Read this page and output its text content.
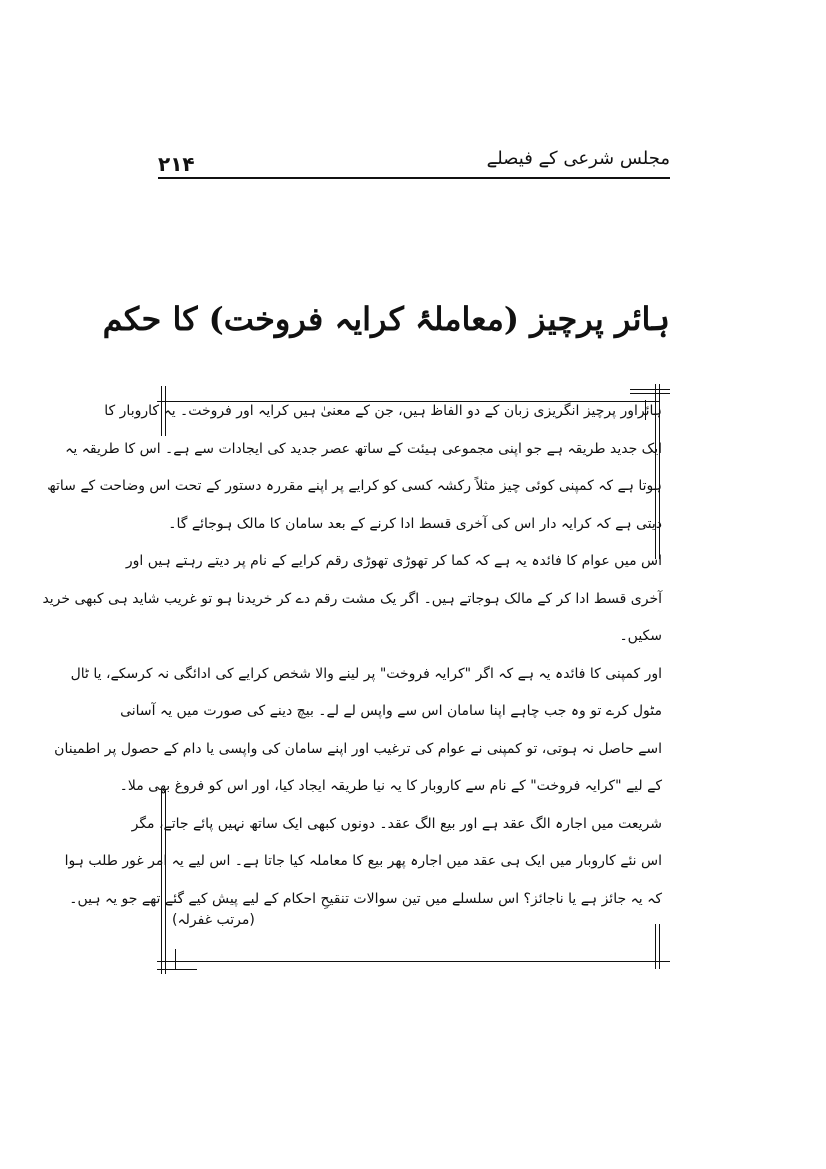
۲۱۴	مجلس شرعی کے فیصلے
ہائر پرچیز (معاملۂ کرایہ فروخت) کا حکم
ہائراور پرچیز انگریزی زبان کے دو الفاظ ہیں، جن کے معنیٰ ہیں کرایہ اور فروخت۔ یہ کاروبار کا
ایک جدید طریقہ ہے جو اپنی مجموعی ہیئت کے ساتھ عصر جدید کی ایجادات سے ہے۔ اس کا طریقہ یہ
ہوتا ہے کہ کمپنی کوئی چیز مثلاً رکشہ کسی کو کرایے پر اپنے مقررہ دستور کے تحت اس وضاحت کے ساتھ
دیتی ہے کہ کرایہ دار اس کی آخری قسط ادا کرنے کے بعد سامان کا مالک ہوجائے گا۔
اس میں عوام کا فائدہ یہ ہے کہ کما کر تھوڑی تھوڑی رقم کرایے کے نام پر دیتے رہتے ہیں اور
آخری قسط ادا کر کے مالک ہوجاتے ہیں۔ اگر یک مشت رقم دے کر خریدنا ہو تو غریب شاید ہی کبھی خرید
سکیں۔
اور کمپنی کا فائدہ یہ ہے کہ اگر "کرایہ فروخت" پر لینے والا شخص کرایے کی ادائگی نہ کرسکے، یا ٹال
مٹول کرے تو وہ جب چاہے اپنا سامان اس سے واپس لے لے۔ بیچ دینے کی صورت میں یہ آسانی
اسے حاصل نہ ہوتی، تو کمپنی نے عوام کی ترغیب اور اپنے سامان کی واپسی یا دام کے حصول پر اطمینان
کے لیے "کرایہ فروخت" کے نام سے کاروبار کا یہ نیا طریقہ ایجاد کیا، اور اس کو فروغ بھی ملا۔
شریعت میں اجارہ الگ عقد ہے اور بیع الگ عقد۔ دونوں کبھی ایک ساتھ نہیں پائے جاتے، مگر
اس نئے کاروبار میں ایک ہی عقد میں اجارہ پھر بیع کا معاملہ کیا جاتا ہے۔ اس لیے یہ امر غور طلب ہوا
کہ یہ جائز ہے یا ناجائز؟ اس سلسلے میں تین سوالات تنقیحِ احکام کے لیے پیش کیے گئے تھے جو یہ ہیں۔
(مرتب غفرلہ)
